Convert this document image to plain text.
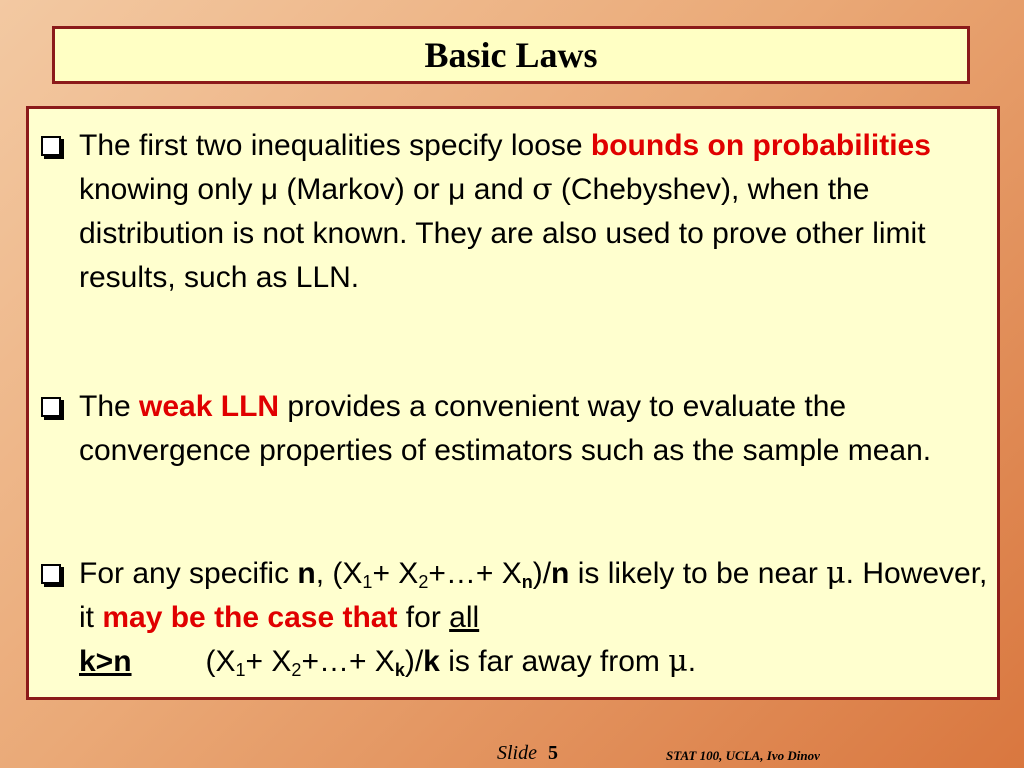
Basic Laws
The first two inequalities specify loose bounds on probabilities knowing only μ (Markov) or μ and σ (Chebyshev), when the distribution is not known. They are also used to prove other limit results, such as LLN.
The weak LLN provides a convenient way to evaluate the convergence properties of estimators such as the sample mean.
For any specific n, ($X_1+$ $X_2+\dots+ X_n)/n$ is likely to be near μ. However, it may be the case that for all
k>n ($X_1+$ $X_2+\dots+ X_k)/k$ is far away from μ.
Slide 5	STAT 100, UCLA, Ivo Dinov
